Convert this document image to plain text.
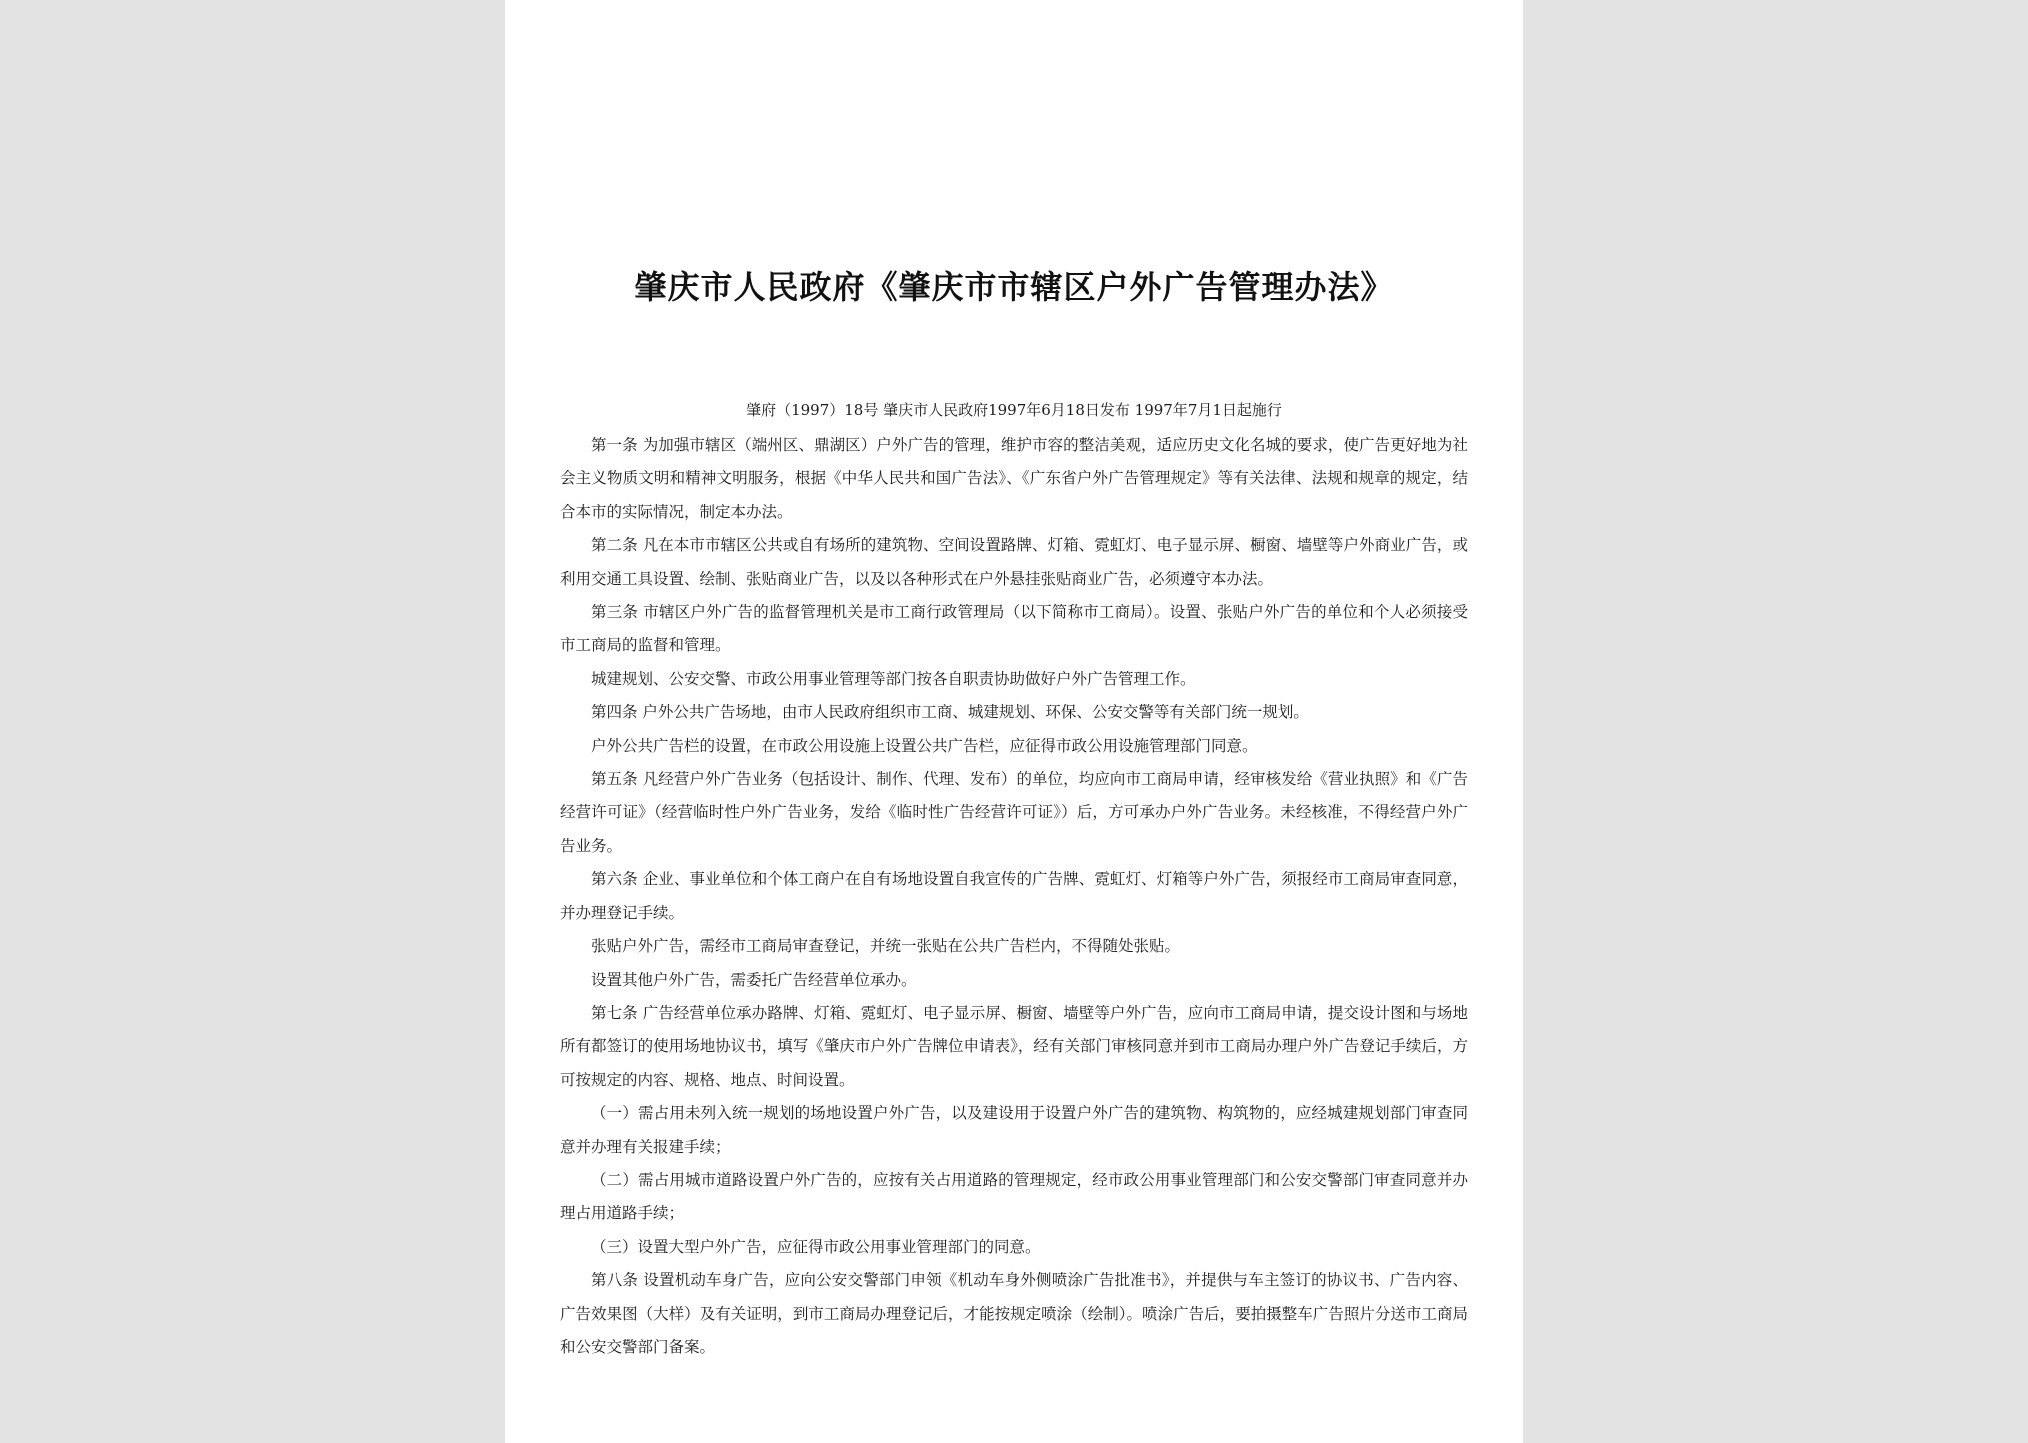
肇庆市人民政府《肇庆市市辖区户外广告管理办法》

肇府（1997）18号 肇庆市人民政府1997年6月18日发布 1997年7月1日起施行

第一条 为加强市辖区（端州区、鼎湖区）户外广告的管理，维护市容的整洁美观，适应历史文化名城的要求，使广告更好地为社会主义物质文明和精神文明服务，根据《中华人民共和国广告法》、《广东省户外广告管理规定》等有关法律、法规和规章的规定，结合本市的实际情况，制定本办法。

第二条 凡在本市市辖区公共或自有场所的建筑物、空间设置路牌、灯箱、霓虹灯、电子显示屏、橱窗、墙壁等户外商业广告，或利用交通工具设置、绘制、张贴商业广告，以及以各种形式在户外悬挂张贴商业广告，必须遵守本办法。

第三条 市辖区户外广告的监督管理机关是市工商行政管理局（以下简称市工商局）。设置、张贴户外广告的单位和个人必须接受市工商局的监督和管理。

城建规划、公安交警、市政公用事业管理等部门按各自职责协助做好户外广告管理工作。

第四条 户外公共广告场地，由市人民政府组织市工商、城建规划、环保、公安交警等有关部门统一规划。

户外公共广告栏的设置，在市政公用设施上设置公共广告栏，应征得市政公用设施管理部门同意。

第五条 凡经营户外广告业务（包括设计、制作、代理、发布）的单位，均应向市工商局申请，经审核发给《营业执照》和《广告经营许可证》（经营临时性户外广告业务，发给《临时性广告经营许可证》）后，方可承办户外广告业务。未经核准，不得经营户外广告业务。

第六条 企业、事业单位和个体工商户在自有场地设置自我宣传的广告牌、霓虹灯、灯箱等户外广告，须报经市工商局审查同意，并办理登记手续。

张贴户外广告，需经市工商局审查登记，并统一张贴在公共广告栏内，不得随处张贴。

设置其他户外广告，需委托广告经营单位承办。

第七条 广告经营单位承办路牌、灯箱、霓虹灯、电子显示屏、橱窗、墙壁等户外广告，应向市工商局申请，提交设计图和与场地所有都签订的使用场地协议书，填写《肇庆市户外广告牌位申请表》，经有关部门审核同意并到市工商局办理户外广告登记手续后，方可按规定的内容、规格、地点、时间设置。

（一）需占用未列入统一规划的场地设置户外广告，以及建设用于设置户外广告的建筑物、构筑物的，应经城建规划部门审查同意并办理有关报建手续；

（二）需占用城市道路设置户外广告的，应按有关占用道路的管理规定，经市政公用事业管理部门和公安交警部门审查同意并办理占用道路手续；

（三）设置大型户外广告，应征得市政公用事业管理部门的同意。

第八条 设置机动车身广告，应向公安交警部门申领《机动车身外侧喷涂广告批准书》，并提供与车主签订的协议书、广告内容、广告效果图（大样）及有关证明，到市工商局办理登记后，才能按规定喷涂（绘制）。喷涂广告后，要拍摄整车广告照片分送市工商局和公安交警部门备案。
